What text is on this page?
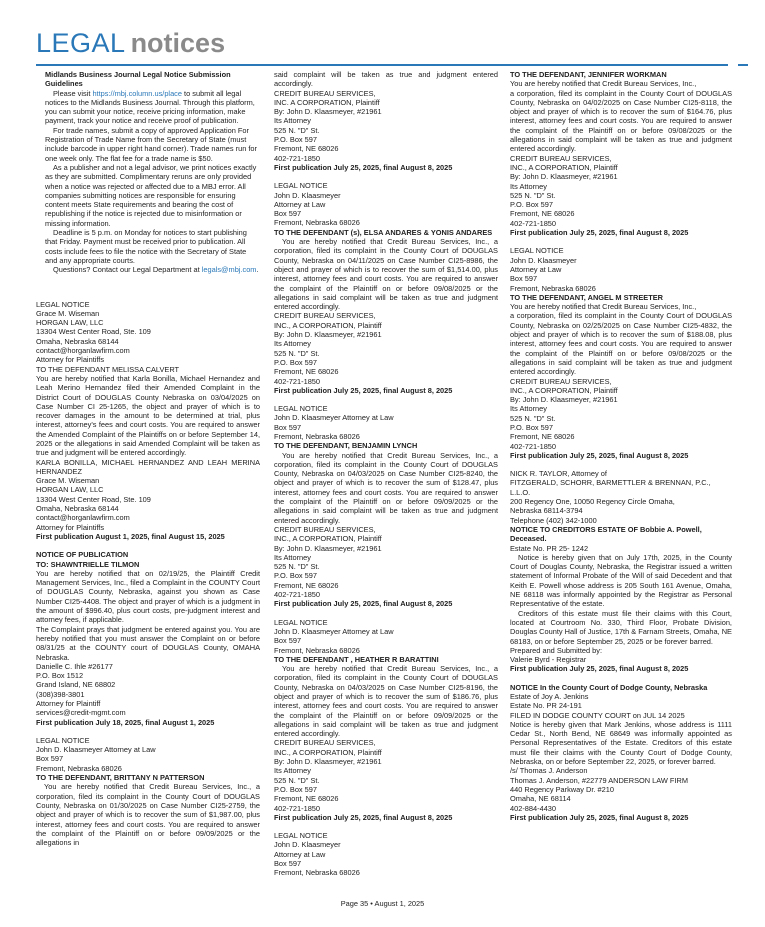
LEGAL notices

Midlands Business Journal Legal Notice Submission Guidelines

Please visit https://mbj.column.us/place to submit all legal notices to the Midlands Business Journal. Through this platform, you can submit your notice, receive pricing information, make payment, track your notice and receive proof of publication.

For trade names, submit a copy of approved Application For Registration of Trade Name from the Secretary of State (must include barcode in upper right hand corner). Trade names run for one week only. The flat fee for a trade name is $50.

As a publisher and not a legal advisor, we print notices exactly as they are submitted. Complimentary reruns are only provided when a notice was rejected or affected due to a MBJ error. All companies submitting notices are responsible for ensuring content meets State requirements and bearing the cost of republishing if the notice is rejected due to misinformation or missing information.

Deadline is 5 p.m. on Monday for notices to start publishing that Friday. Payment must be received prior to publication. All costs include fees to file the notice with the Secretary of State and any appropriate courts.

Questions? Contact our Legal Department at legals@mbj.com.

LEGAL NOTICE

Grace M. Wiseman

HORGAN LAW, LLC

13304 West Center Road, Ste. 109

Omaha, Nebraska 68144

contact@horganlawfirm.com

Attorney for Plaintiffs

TO THE DEFENDANT MELISSA CALVERT

You are hereby notified that Karla Bonilla, Michael Hernandez and Leah Merino Hernandez filed their Amended Complaint in the District Court of DOUGLAS County Nebraska on 03/04/2025 on Case Number CI 25-1265, the object and prayer of which is to recover damages in the amount to be determined at trial, plus interest, attorney's fees and court costs. You are required to answer the Amended Complaint of the Plaintiffs on or before September 14, 2025 or the allegations in said Amended Complaint will be taken as true and judgment will be entered accordingly.

KARLA BONILLA, MICHAEL HERNANDEZ AND LEAH MERINA HERNANDEZ

Grace M. Wiseman

HORGAN LAW, LLC

13304 West Center Road, Ste. 109

Omaha, Nebraska 68144

contact@horganlawfirm.com

Attorney for Plaintiffs

First publication August 1, 2025, final August 15, 2025

NOTICE OF PUBLICATION

TO: SHAWNTRIELLE TILMON

You are hereby notified that on 02/19/25, the Plaintiff Credit Management Services, Inc., filed a Complaint in the COUNTY Court of DOUGLAS County, Nebraska, against you shown as Case Number CI25-4408. The object and prayer of which is a judgment in the amount of $996.40, plus court costs, pre-judgment interest and attorney fees, if applicable.

The Complaint prays that judgment be entered against you. You are hereby notified that you must answer the Complaint on or before 08/31/25 at the COUNTY court of DOUGLAS County, OMAHA Nebraska.

Danielle C. Ihle #26177

P.O. Box 1512

Grand Island, NE 68802

(308)398-3801

Attorney for Plaintiff

services@credit-mgmt.com

First publication July 18, 2025, final August 1, 2025

LEGAL NOTICE

John D. Klaasmeyer Attorney at Law

Box 597

Fremont, Nebraska 68026

TO THE DEFENDANT, BRITTANY N PATTERSON

You are hereby notified that Credit Bureau Services, Inc., a corporation, filed its complaint in the County Court of DOUGLAS County, Nebraska on 01/30/2025 on Case Number CI25-2759, the object and prayer of which is to recover the sum of $1,987.00, plus interest, attorney fees and court costs. You are required to answer the complaint of the Plaintiff on or before 09/09/2025 or the allegations in

said complaint will be taken as true and judgment entered accordingly.

CREDIT BUREAU SERVICES,

INC. A CORPORATION, Plaintiff

By: John D. Klaasmeyer, #21961

Its Attorney

525 N. "D" St.

P.O. Box 597

Fremont, NE 68026

402-721-1850

First publication July 25, 2025, final August 8, 2025

LEGAL NOTICE

John D. Klaasmeyer

Attorney at Law

Box 597

Fremont, Nebraska 68026

TO THE DEFENDANT (s), ELSA ANDARES & YONIS ANDARES

You are hereby notified that Credit Bureau Services, Inc., a corporation, filed its complaint in the County Court of DOUGLAS County, Nebraska on 04/11/2025 on Case Number CI25-8986, the object and prayer of which is to recover the sum of $1,514.00, plus interest, attorney fees and court costs. You are required to answer the complaint of the Plaintiff on or before 09/08/2025 or the allegations in said complaint will be taken as true and judgment entered accordingly.

CREDIT BUREAU SERVICES,

INC., A CORPORATION, Plaintiff

By: John D. Klaasmeyer, #21961

Its Attorney

525 N. "D" St.

P.O. Box 597

Fremont, NE 68026

402-721-1850

First publication July 25, 2025, final August 8, 2025

LEGAL NOTICE

John D. Klaasmeyer Attorney at Law

Box 597

Fremont, Nebraska 68026

TO THE DEFENDANT, BENJAMIN LYNCH

You are hereby notified that Credit Bureau Services, Inc., a corporation, filed its complaint in the County Court of DOUGLAS County, Nebraska on 04/03/2025 on Case Number CI25-8240, the object and prayer of which is to recover the sum of $128.47, plus interest, attorney fees and court costs. You are required to answer the complaint of the Plaintiff on or before 09/09/2025 or the allegations in said complaint will be taken as true and judgment entered accordingly.

CREDIT BUREAU SERVICES,

INC., A CORPORATION, Plaintiff

By: John D. Klaasmeyer, #21961

Its Attorney

525 N. "D" St.

P.O. Box 597

Fremont, NE 68026

402-721-1850

First publication July 25, 2025, final August 8, 2025

LEGAL NOTICE

John D. Klaasmeyer Attorney at Law

Box 597

Fremont, Nebraska 68026

TO THE DEFENDANT , HEATHER R BARATTINI

You are hereby notified that Credit Bureau Services, Inc., a corporation, filed its complaint in the County Court of DOUGLAS County, Nebraska on 04/03/2025 on Case Number CI25-8196, the object and prayer of which is to recover the sum of $186.76, plus interest, attorney fees and court costs. You are required to answer the complaint of the Plaintiff on or before 09/09/2025 or the allegations in said complaint will be taken as true and judgment entered accordingly.

CREDIT BUREAU SERVICES,

INC., A CORPORATION, Plaintiff

By: John D. Klaasmeyer, #21961

Its Attorney

525 N. "D" St.

P.O. Box 597

Fremont, NE 68026

402-721-1850

First publication July 25, 2025, final August 8, 2025

LEGAL NOTICE

John D. Klaasmeyer

Attorney at Law

Box 597

Fremont, Nebraska 68026

TO THE DEFENDANT, JENNIFER WORKMAN

You are hereby notified that Credit Bureau Services, Inc.,

a corporation, filed its complaint in the County Court of DOUGLAS County, Nebraska on 04/02/2025 on Case Number CI25-8118, the object and prayer of which is to recover the sum of $164.76, plus interest, attorney fees and court costs. You are required to answer the complaint of the Plaintiff on or before 09/08/2025 or the allegations in said complaint will be taken as true and judgment entered accordingly.

CREDIT BUREAU SERVICES,

INC., A CORPORATION, Plaintiff

By: John D. Klaasmeyer, #21961

Its Attorney

525 N. "D" St.

P.O. Box 597

Fremont, NE 68026

402-721-1850

First publication July 25, 2025, final August 8, 2025

LEGAL NOTICE

John D. Klaasmeyer

Attorney at Law

Box 597

Fremont, Nebraska 68026

TO THE DEFENDANT, ANGEL M STREETER

You are hereby notified that Credit Bureau Services, Inc.,

a corporation, filed its complaint in the County Court of DOUGLAS County, Nebraska on 02/25/2025 on Case Number CI25-4832, the object and prayer of which is to recover the sum of $188.08, plus interest, attorney fees and court costs. You are required to answer the complaint of the Plaintiff on or before 09/08/2025 or the allegations in said complaint will be taken as true and judgment entered accordingly.

CREDIT BUREAU SERVICES,

INC., A CORPORATION, Plaintiff

By: John D. Klaasmeyer, #21961

Its Attorney

525 N. "D" St.

P.O. Box 597

Fremont, NE 68026

402-721-1850

First publication July 25, 2025, final August 8, 2025

NICK R. TAYLOR, Attorney of

FITZGERALD, SCHORR, BARMETTLER & BRENNAN, P.C., L.L.O.

200 Regency One, 10050 Regency Circle Omaha,

Nebraska 68114-3794

Telephone (402) 342-1000

NOTICE TO CREDITORS ESTATE OF Bobbie A. Powell, Deceased.

Estate No. PR 25- 1242

Notice is hereby given that on July 17th, 2025, in the County Court of Douglas County, Nebraska, the Registrar issued a written statement of Informal Probate of the Will of said Decedent and that Keith E. Powell whose address is 205 South 161 Avenue, Omaha, NE 68118 was informally appointed by the Registrar as Personal Representative of the estate.

Creditors of this estate must file their claims with this Court, located at Courtroom No. 330, Third Floor, Probate Division, Douglas County Hall of Justice, 17th & Farnam Streets, Omaha, NE 68183, on or before September 25, 2025 or be forever barred.

Prepared and Submitted by:

Valerie Byrd - Registrar

First publication July 25, 2025, final August 8, 2025

NOTICE In the County Court of Dodge County, Nebraska

Estate of Joy A. Jenkins

Estate No. PR 24-191

FILED IN DODGE COUNTY COURT on JUL 14 2025

Notice is hereby given that Mark Jenkins, whose address is 1111 Cedar St., North Bend, NE 68649 was informally appointed as Personal Representatives of the Estate. Creditors of this estate must file their claims with the County Court of Dodge County, Nebraska, on or before September 22, 2025, or forever barred.

/s/ Thomas J. Anderson

Thomas J. Anderson, #22779 ANDERSON LAW FIRM

440 Regency Parkway Dr. #210

Omaha, NE 68114

402-884-4430

First publication July 25, 2025, final August 8, 2025

Page 35 • August 1, 2025
